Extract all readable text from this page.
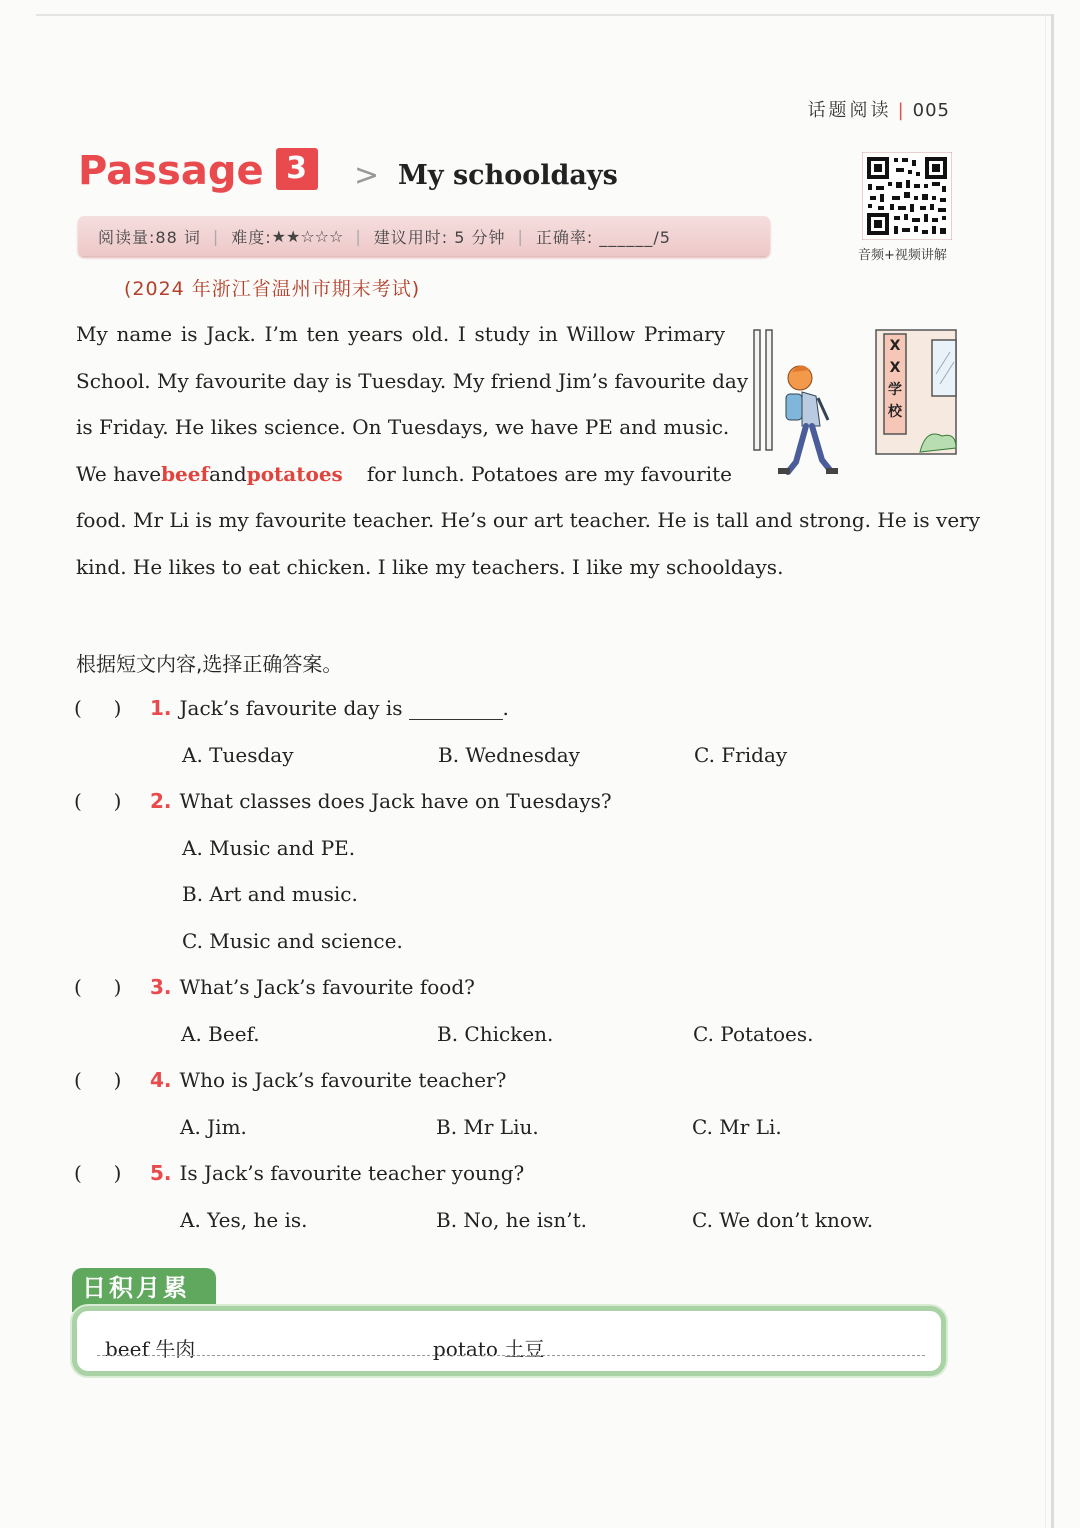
话题阅读 | 005
Passage 3	> My schooldays
阅读量:88 词 | 难度: ★★☆☆☆ | 建议用时: 5 分钟 | 正确率: ______/5
音频+视频讲解
(2024 年浙江省温州市期末考试)
My name is Jack. I’m ten years old. I study in Willow Primary
School. My favourite day is Tuesday. My friend Jim’s favourite day
is Friday. He likes science. On Tuesdays, we have PE and music.
We have beef and potatoes for lunch. Potatoes are my favourite
food. Mr Li is my favourite teacher. He’s our art teacher. He is tall and strong. He is very
kind. He likes to eat chicken. I like my teachers. I like my schooldays.
X
X
学
校
根据短文内容,选择正确答案。
(     ) 1. Jack’s favourite day is	.
A. Tuesday	B. Wednesday	C. Friday
(     ) 2. What classes does Jack have on Tuesdays?
A. Music and PE.
B. Art and music.
C. Music and science.
(     ) 3. What’s Jack’s favourite food?
A. Beef.	B. Chicken.	C. Potatoes.
(     ) 4. Who is Jack’s favourite teacher?
A. Jim.	B. Mr Liu.	C. Mr Li.
(     ) 5. Is Jack’s favourite teacher young?
A. Yes, he is.	B. No, he isn’t.	C. We don’t know.
日积月累
beef 牛肉	potato 土豆
